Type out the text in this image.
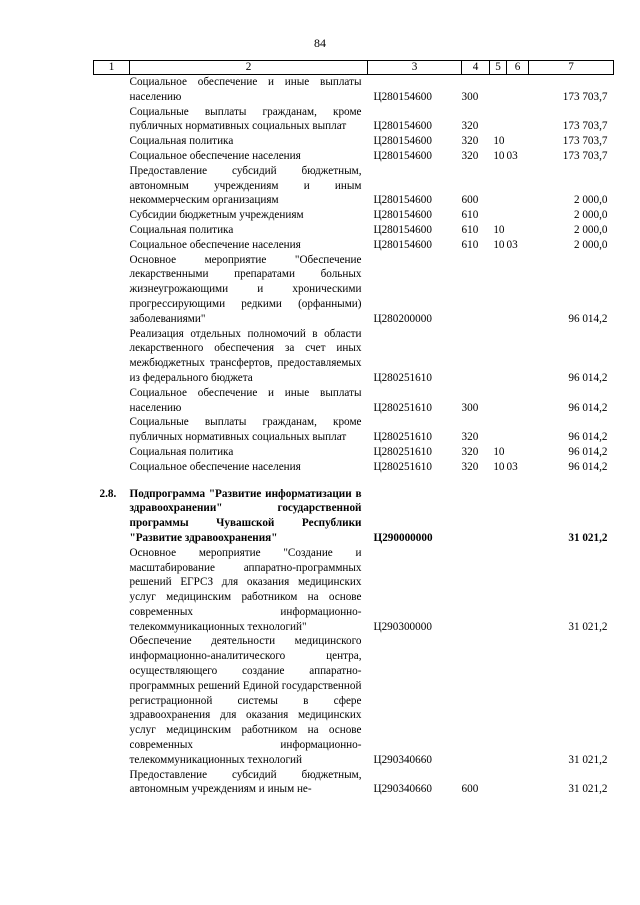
84
1	2	3	4	5	6	7
	Социальное обеспечение и иные выплаты населению	Ц280154600	300			173 703,7
	Социальные выплаты гражданам, кроме публичных нормативных социальных выплат	Ц280154600	320			173 703,7
	Социальная политика	Ц280154600	320	10		173 703,7
	Социальное обеспечение населения	Ц280154600	320	10	03	173 703,7
	Предоставление субсидий бюджетным, автономным учреждениям и иным некоммерческим организациям	Ц280154600	600			2 000,0
	Субсидии бюджетным учреждениям	Ц280154600	610			2 000,0
	Социальная политика	Ц280154600	610	10		2 000,0
	Социальное обеспечение населения	Ц280154600	610	10	03	2 000,0
	Основное мероприятие "Обеспечение лекарственными препаратами больных жизнеугрожающими и хроническими прогрессирующими редкими (орфанными) заболеваниями"	Ц280200000				96 014,2
	Реализация отдельных полномочий в области лекарственного обеспечения за счет иных межбюджетных трансфертов, предоставляемых из федерального бюджета	Ц280251610				96 014,2
	Социальное обеспечение и иные выплаты населению	Ц280251610	300			96 014,2
	Социальные выплаты гражданам, кроме публичных нормативных социальных выплат	Ц280251610	320			96 014,2
	Социальная политика	Ц280251610	320	10		96 014,2
	Социальное обеспечение населения	Ц280251610	320	10	03	96 014,2

2.8.	Подпрограмма "Развитие информатизации в здравоохранении" государственной программы Чувашской Республики "Развитие здравоохранения"	Ц290000000				31 021,2
	Основное мероприятие "Создание и масштабирование аппаратно-программных решений ЕГРСЗ для оказания медицинских услуг медицинским работником на основе современных информационно-телекоммуникационных технологий"	Ц290300000				31 021,2
	Обеспечение деятельности медицинского информационно-аналитического центра, осуществляющего создание аппаратно-программных решений Единой государственной регистрационной системы в сфере здравоохранения для оказания медицинских услуг медицинским работником на основе современных информационно-телекоммуникационных технологий	Ц290340660				31 021,2
	Предоставление субсидий бюджетным, автономным учреждениям и иным не-	Ц290340660	600			31 021,2
